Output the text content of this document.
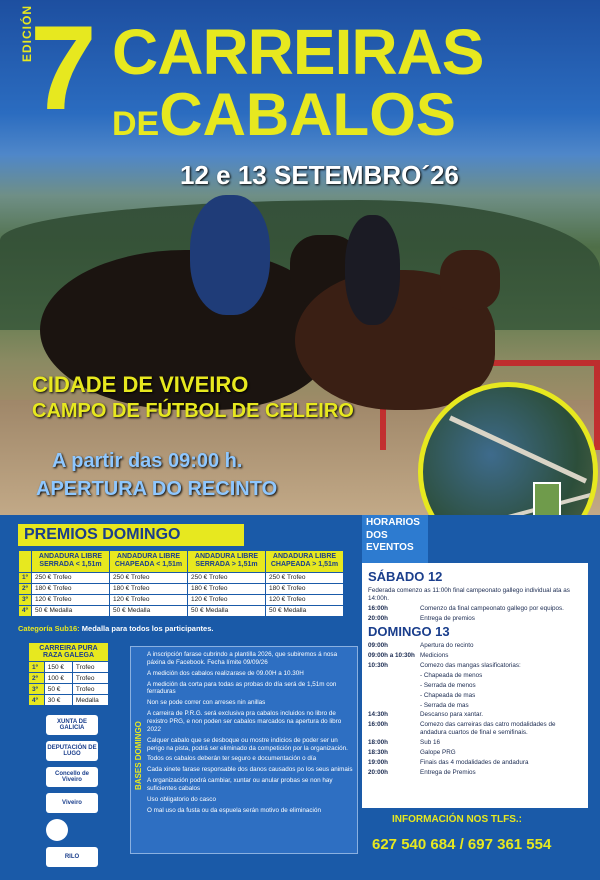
EDICIÓN
7 CARREIRAS
DECABALOS
12 e 13 SETEMBRO´26
CIDADE DE VIVEIRO
CAMPO DE FÚTBOL DE CELEIRO
A partir das 09:00 h.
APERTURA DO RECINTO
PREMIOS DOMINGO
	ANDADURA LIBRE SERRADA < 1,51m	ANDADURA LIBRE CHAPEADA < 1,51m	ANDADURA LIBRE SERRADA > 1,51m	ANDADURA LIBRE CHAPEADA > 1,51m
1º	250 € Trofeo	250 € Trofeo	250 € Trofeo	250 € Trofeo
2º	180 € Trofeo	180 € Trofeo	180 € Trofeo	180 € Trofeo
3º	120 € Trofeo	120 € Trofeo	120 € Trofeo	120 € Trofeo
4º	50 € Medalla	50 € Medalla	50 € Medalla	50 € Medalla
Categoría Sub16: Medalla para todos los participantes.
CARREIRA PURA RAZA GALEGA		
1º	150 €	Trofeo
2º	100 €	Trofeo
3º	50 €	Trofeo
4º	30 €	Medalla
XUNTA DE GALICIA
DEPUTACIÓN DE LUGO
Concello de Viveiro
Viveiro
RILO
A inscripción farase cubrindo a plantilla 2026, que subiremos á nosa páxina de Facebook. Fecha límite 09/09/26
A medición dos cabalos realizarase de 09.00H a 10.30H
A medición da corta para todas as probas do día será de 1,51m con ferraduras
Non se pode correr con arreses nin anillas
A carreira de P.R.G. será exclusiva pra cabalos incluidos no libro de rexistro PRG, e non poden ser cabalos marcados na apertura do libro 2022
Calquer cabalo que se desboque ou mostre indicios de poder ser un perigo na pista, podrá ser eliminado da competición por la organización.
Todos os cabalos deberán ter seguro e documentación o día
Cada xinete farase responsable dos danos causados po los seus animais
A organización podrá cambiar, xuntar ou anular probas se non hay suficientes cabalos
Uso obligatorio do casco
O mal uso da fusta ou da espuela serán motivo de eliminación
BASES DOMINGO
HORARIOS DOS EVENTOS
SÁBADO 12
Federada comenzo as 11:00h final campeonato gallego individual ata as 14:00h.
16:00h	Comenzo da final campeonato gallego por equipos.
20:00h	Entrega de premios
DOMINGO 13
09:00h	Apertura do recinto
09:00h a 10:30h Medicions
10:30h	Comezo das mangas slasificatorias:
- Chapeada de menos
- Serrada de menos
- Chapeada de mas
- Serrada de mas
14:30h	Descanso para xantar.
16:00h	Comezo das carreiras das catro modalidades de andadura cuartos de final e semifinais.
18:00h	Sub 16
18:30h	Galope PRG
19:00h	Finais das 4 modalidades de andadura
20:00h	Entrega de Premios
INFORMACIÓN NOS TLFS.:
627 540 684 / 697 361 554
